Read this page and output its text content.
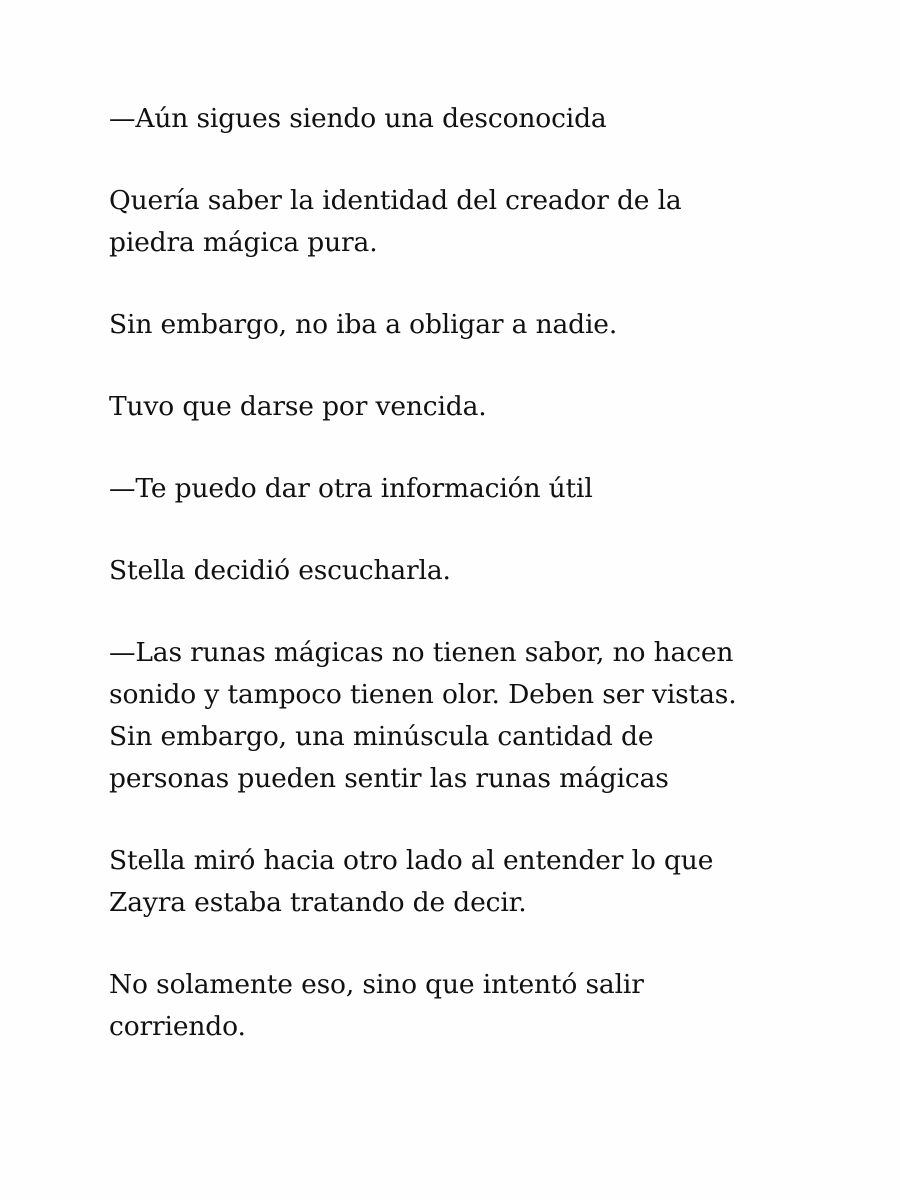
—Aún sigues siendo una desconocida

Quería saber la identidad del creador de la
piedra mágica pura.

Sin embargo, no iba a obligar a nadie.

Tuvo que darse por vencida.

—Te puedo dar otra información útil

Stella decidió escucharla.

—Las runas mágicas no tienen sabor, no hacen
sonido y tampoco tienen olor. Deben ser vistas.
Sin embargo, una minúscula cantidad de
personas pueden sentir las runas mágicas

Stella miró hacia otro lado al entender lo que
Zayra estaba tratando de decir.

No solamente eso, sino que intentó salir
corriendo.
